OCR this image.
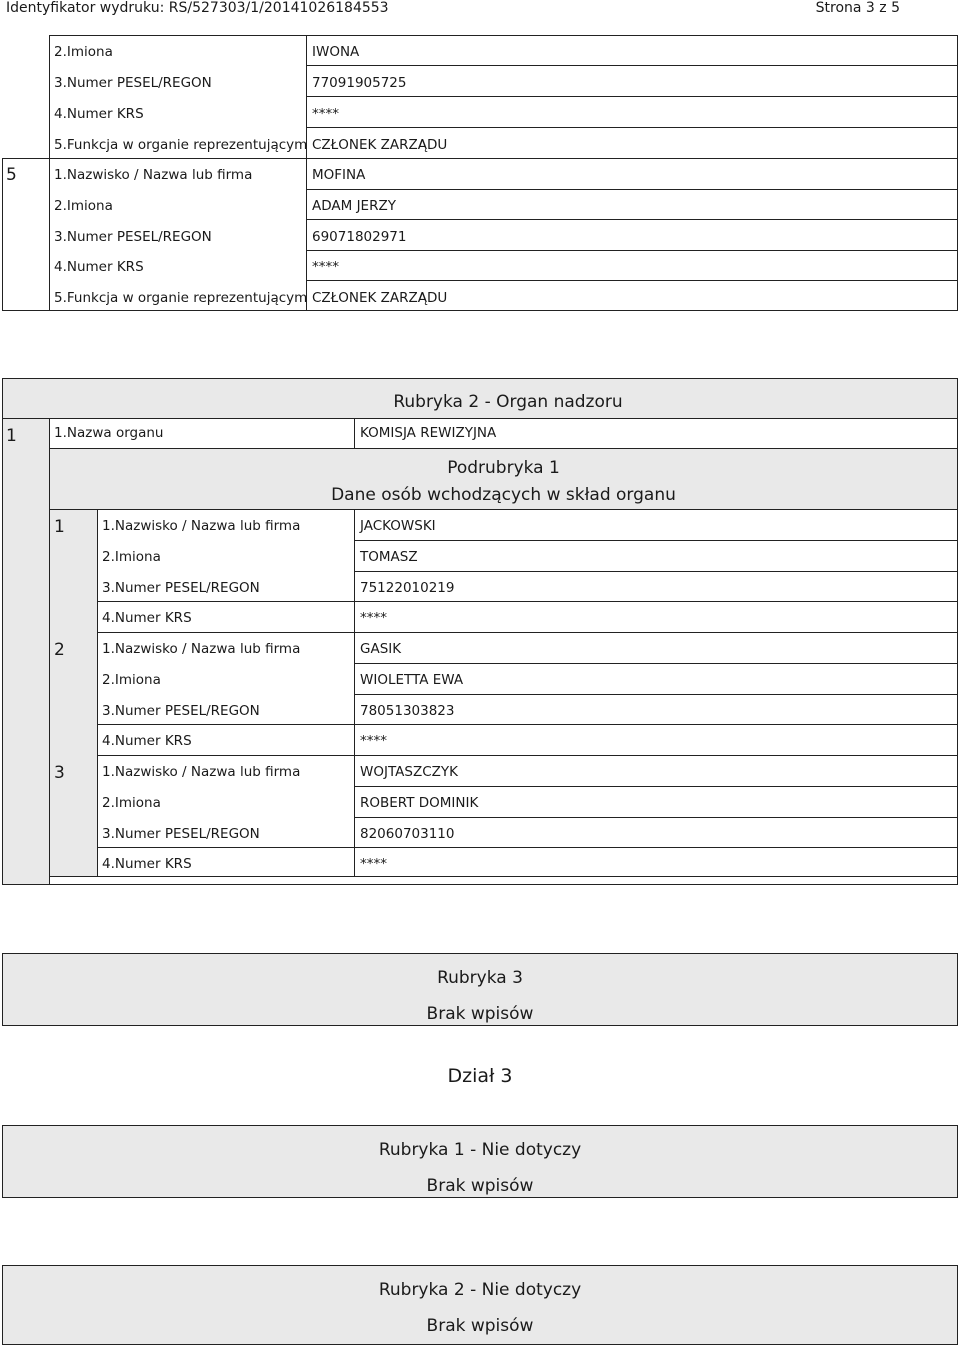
Identyfikator wydruku: RS/527303/1/20141026184553	Strona 3 z 5
2.Imiona	IWONA
3.Numer PESEL/REGON	77091905725
4.Numer KRS	****
5.Funkcja w organie reprezentującym CZŁONEK ZARZĄDU
5	1.Nazwisko / Nazwa lub firma	MOFINA
2.Imiona	ADAM JERZY
3.Numer PESEL/REGON	69071802971
4.Numer KRS	****
5.Funkcja w organie reprezentującym CZŁONEK ZARZĄDU
Rubryka 2 - Organ nadzoru
1	1.Nazwa organu	KOMISJA REWIZYJNA
Podrubryka 1
Dane osób wchodzących w skład organu
1	1.Nazwisko / Nazwa lub firma	JACKOWSKI
2.Imiona	TOMASZ
3.Numer PESEL/REGON	75122010219
4.Numer KRS	****
2	1.Nazwisko / Nazwa lub firma	GASIK
2.Imiona	WIOLETTA EWA
3.Numer PESEL/REGON	78051303823
4.Numer KRS	****
3	1.Nazwisko / Nazwa lub firma	WOJTASZCZYK
2.Imiona	ROBERT DOMINIK
3.Numer PESEL/REGON	82060703110
4.Numer KRS	****
Rubryka 3
Brak wpisów
Dział 3
Rubryka 1 - Nie dotyczy
Brak wpisów
Rubryka 2 - Nie dotyczy
Brak wpisów
